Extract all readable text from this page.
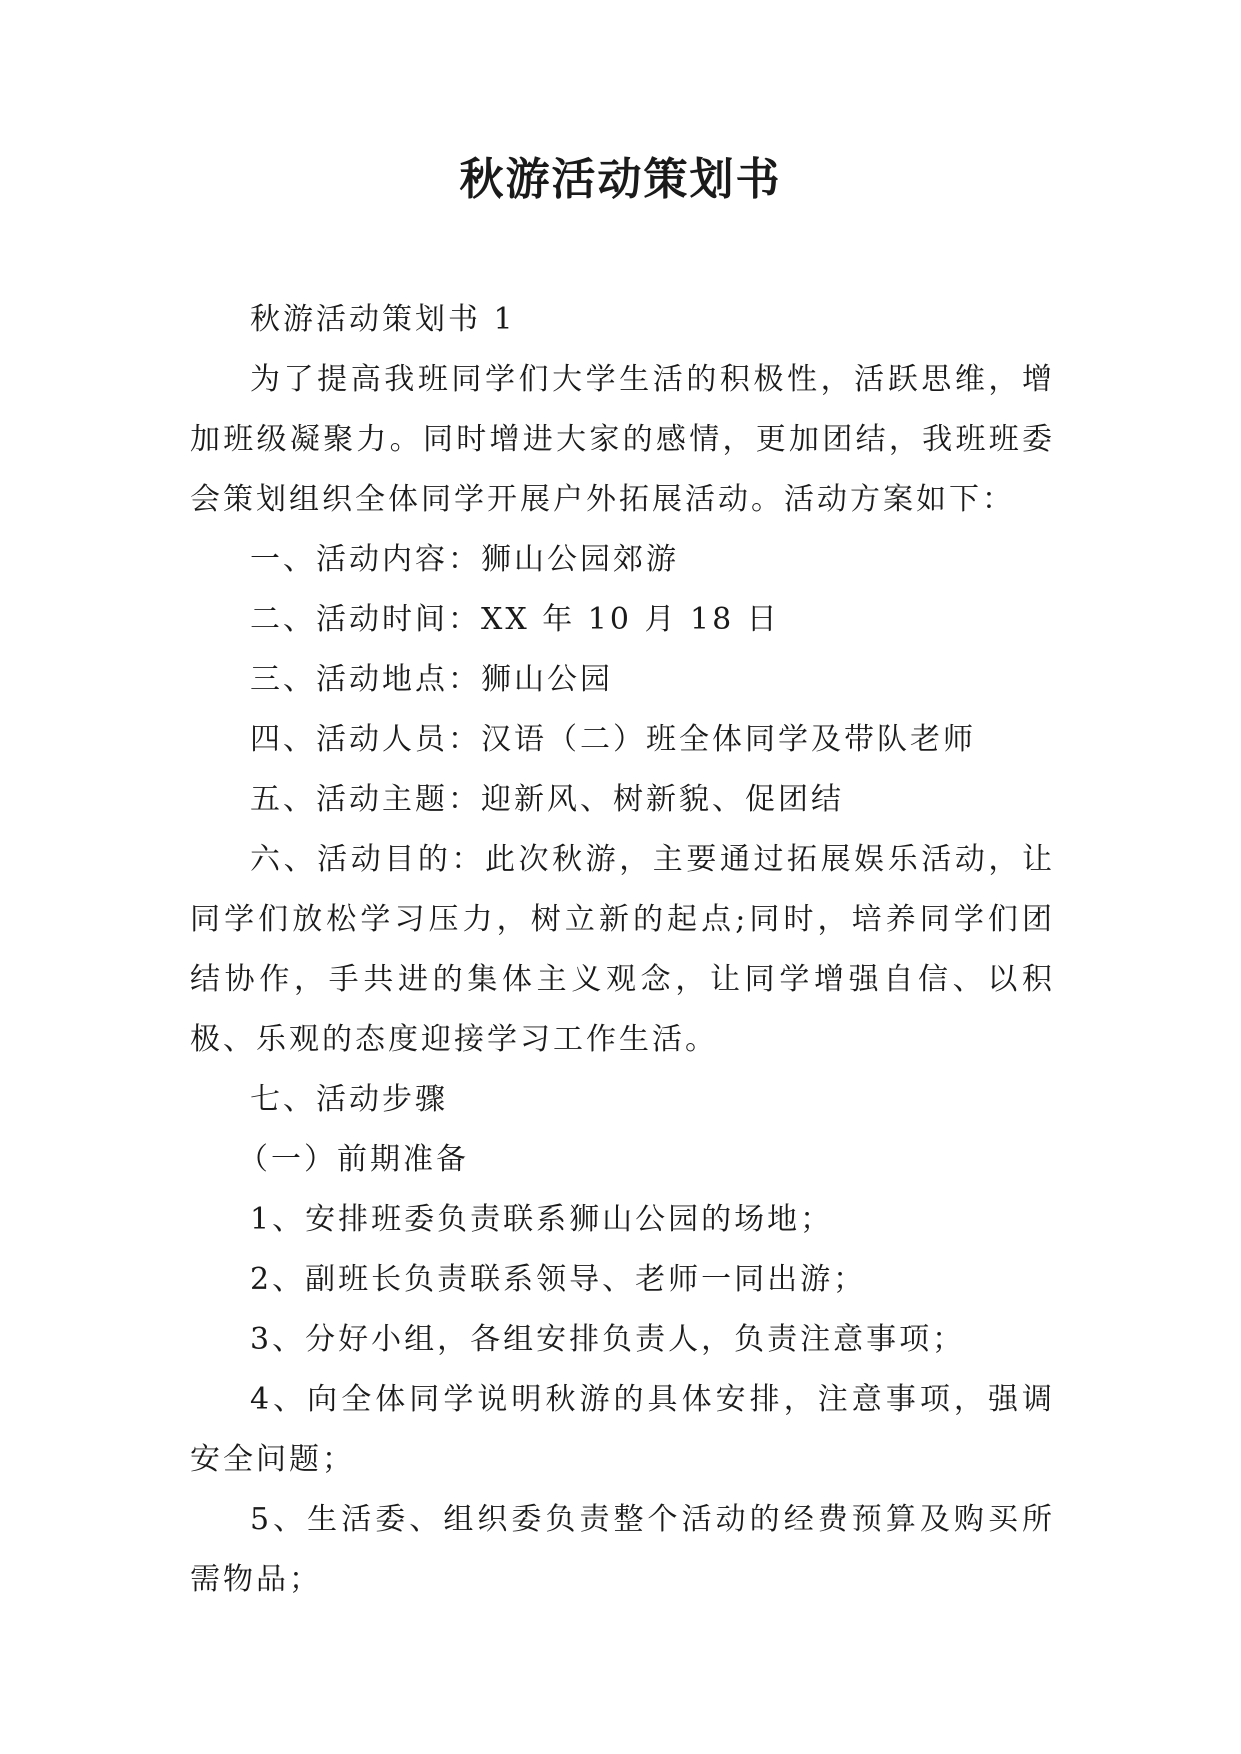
秋游活动策划书

秋游活动策划书 1

为了提高我班同学们大学生活的积极性，活跃思维，增加班级凝聚力。同时增进大家的感情，更加团结，我班班委会策划组织全体同学开展户外拓展活动。活动方案如下：

一、活动内容：狮山公园郊游

二、活动时间：XX 年 10 月 18 日

三、活动地点：狮山公园

四、活动人员：汉语（二）班全体同学及带队老师

五、活动主题：迎新风、树新貌、促团结

六、活动目的：此次秋游，主要通过拓展娱乐活动，让同学们放松学习压力，树立新的起点;同时，培养同学们团结协作，手共进的集体主义观念，让同学增强自信、以积极、乐观的态度迎接学习工作生活。

七、活动步骤

（一）前期准备

1、安排班委负责联系狮山公园的场地；

2、副班长负责联系领导、老师一同出游；

3、分好小组，各组安排负责人，负责注意事项；

4、向全体同学说明秋游的具体安排，注意事项，强调安全问题；

5、生活委、组织委负责整个活动的经费预算及购买所需物品；
